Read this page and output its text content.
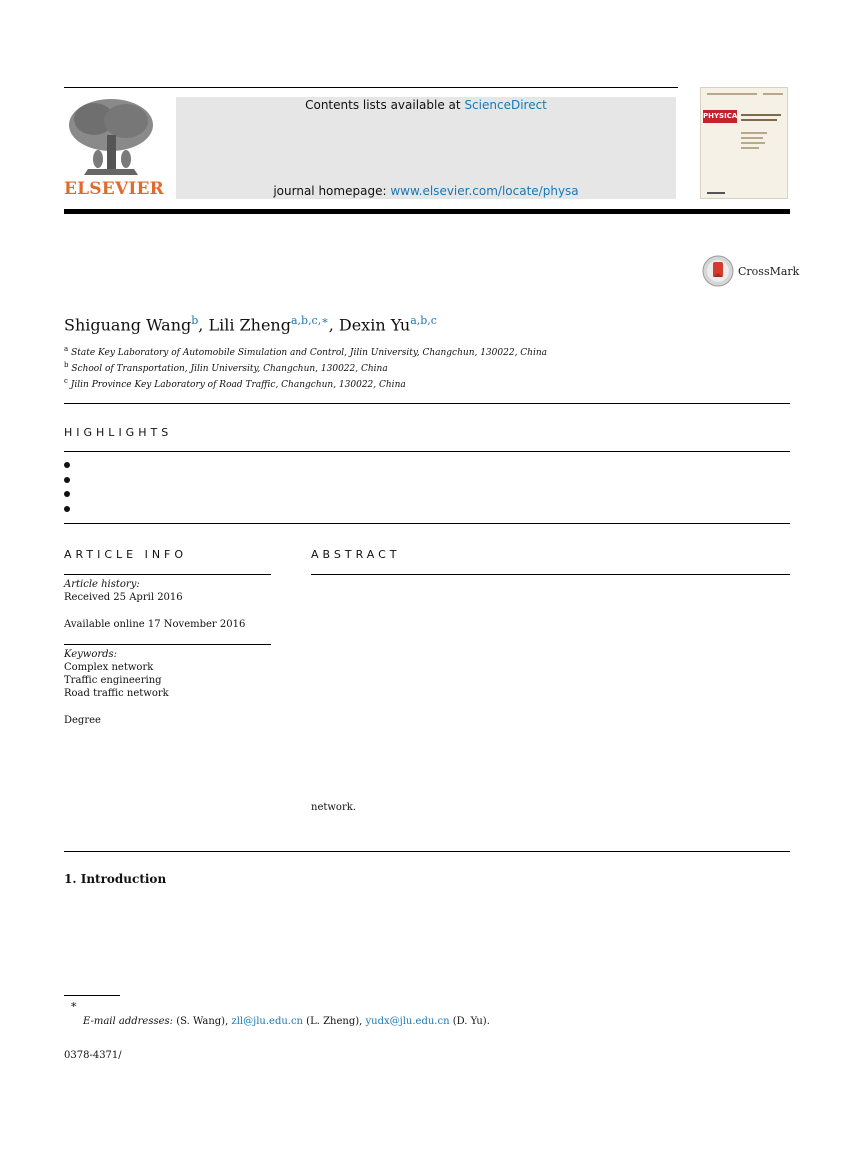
ELSEVIER
Contents lists available at ScienceDirect
journal homepage: www.elsevier.com/locate/physa
PHYSICA
CrossMark
Shiguang Wang$^b$, Lili Zheng$^{a,b,c,∗}$, Dexin Yu$^{a,b,c}$
$^a$ State Key Laboratory of Automobile Simulation and Control, Jilin University, Changchun, 130022, China
$^b$ School of Transportation, Jilin University, Changchun, 130022, China
$^c$ Jilin Province Key Laboratory of Road Traffic, Changchun, 130022, China
HIGHLIGHTS
ARTICLE INFO
Article history:
Received 25 April 2016
Available online 17 November 2016
Keywords:
Complex network
Traffic engineering
Road traffic network
Degree
ABSTRACT
network.
1. Introduction
∗
E-mail addresses: (S. Wang), zll@jlu.edu.cn (L. Zheng), yudx@jlu.edu.cn (D. Yu).
0378-4371/
